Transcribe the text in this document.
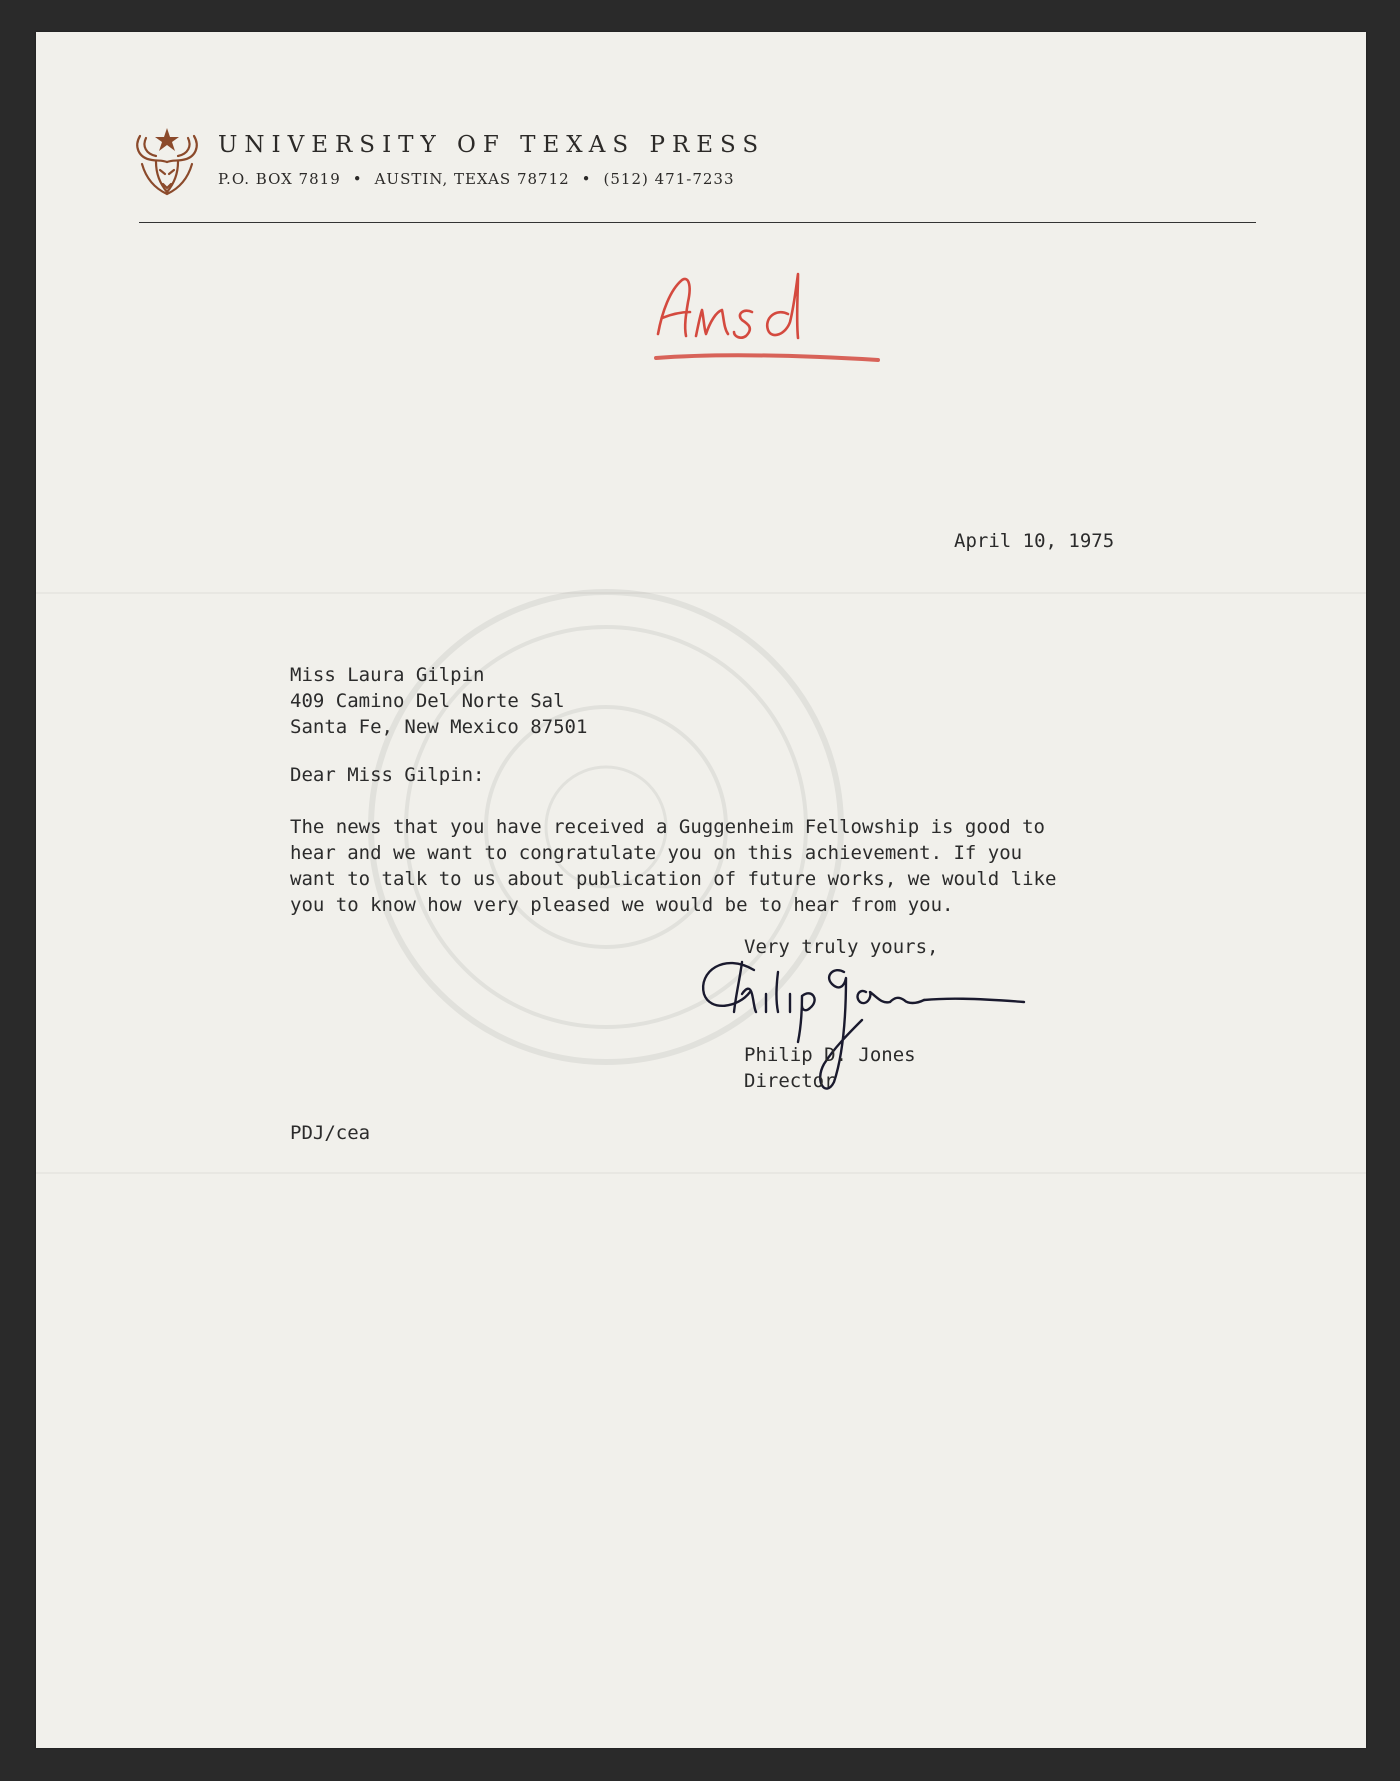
UNIVERSITY OF TEXAS PRESS
P.O. BOX 7819 • AUSTIN, TEXAS 78712 • (512) 471-7233
April 10, 1975
Miss Laura Gilpin
409 Camino Del Norte Sal
Santa Fe, New Mexico 87501
Dear Miss Gilpin:
The news that you have received a Guggenheim Fellowship is good to
hear and we want to congratulate you on this achievement. If you
want to talk to us about publication of future works, we would like
you to know how very pleased we would be to hear from you.
Very truly yours,
Philip D. Jones
Director
PDJ/cea
